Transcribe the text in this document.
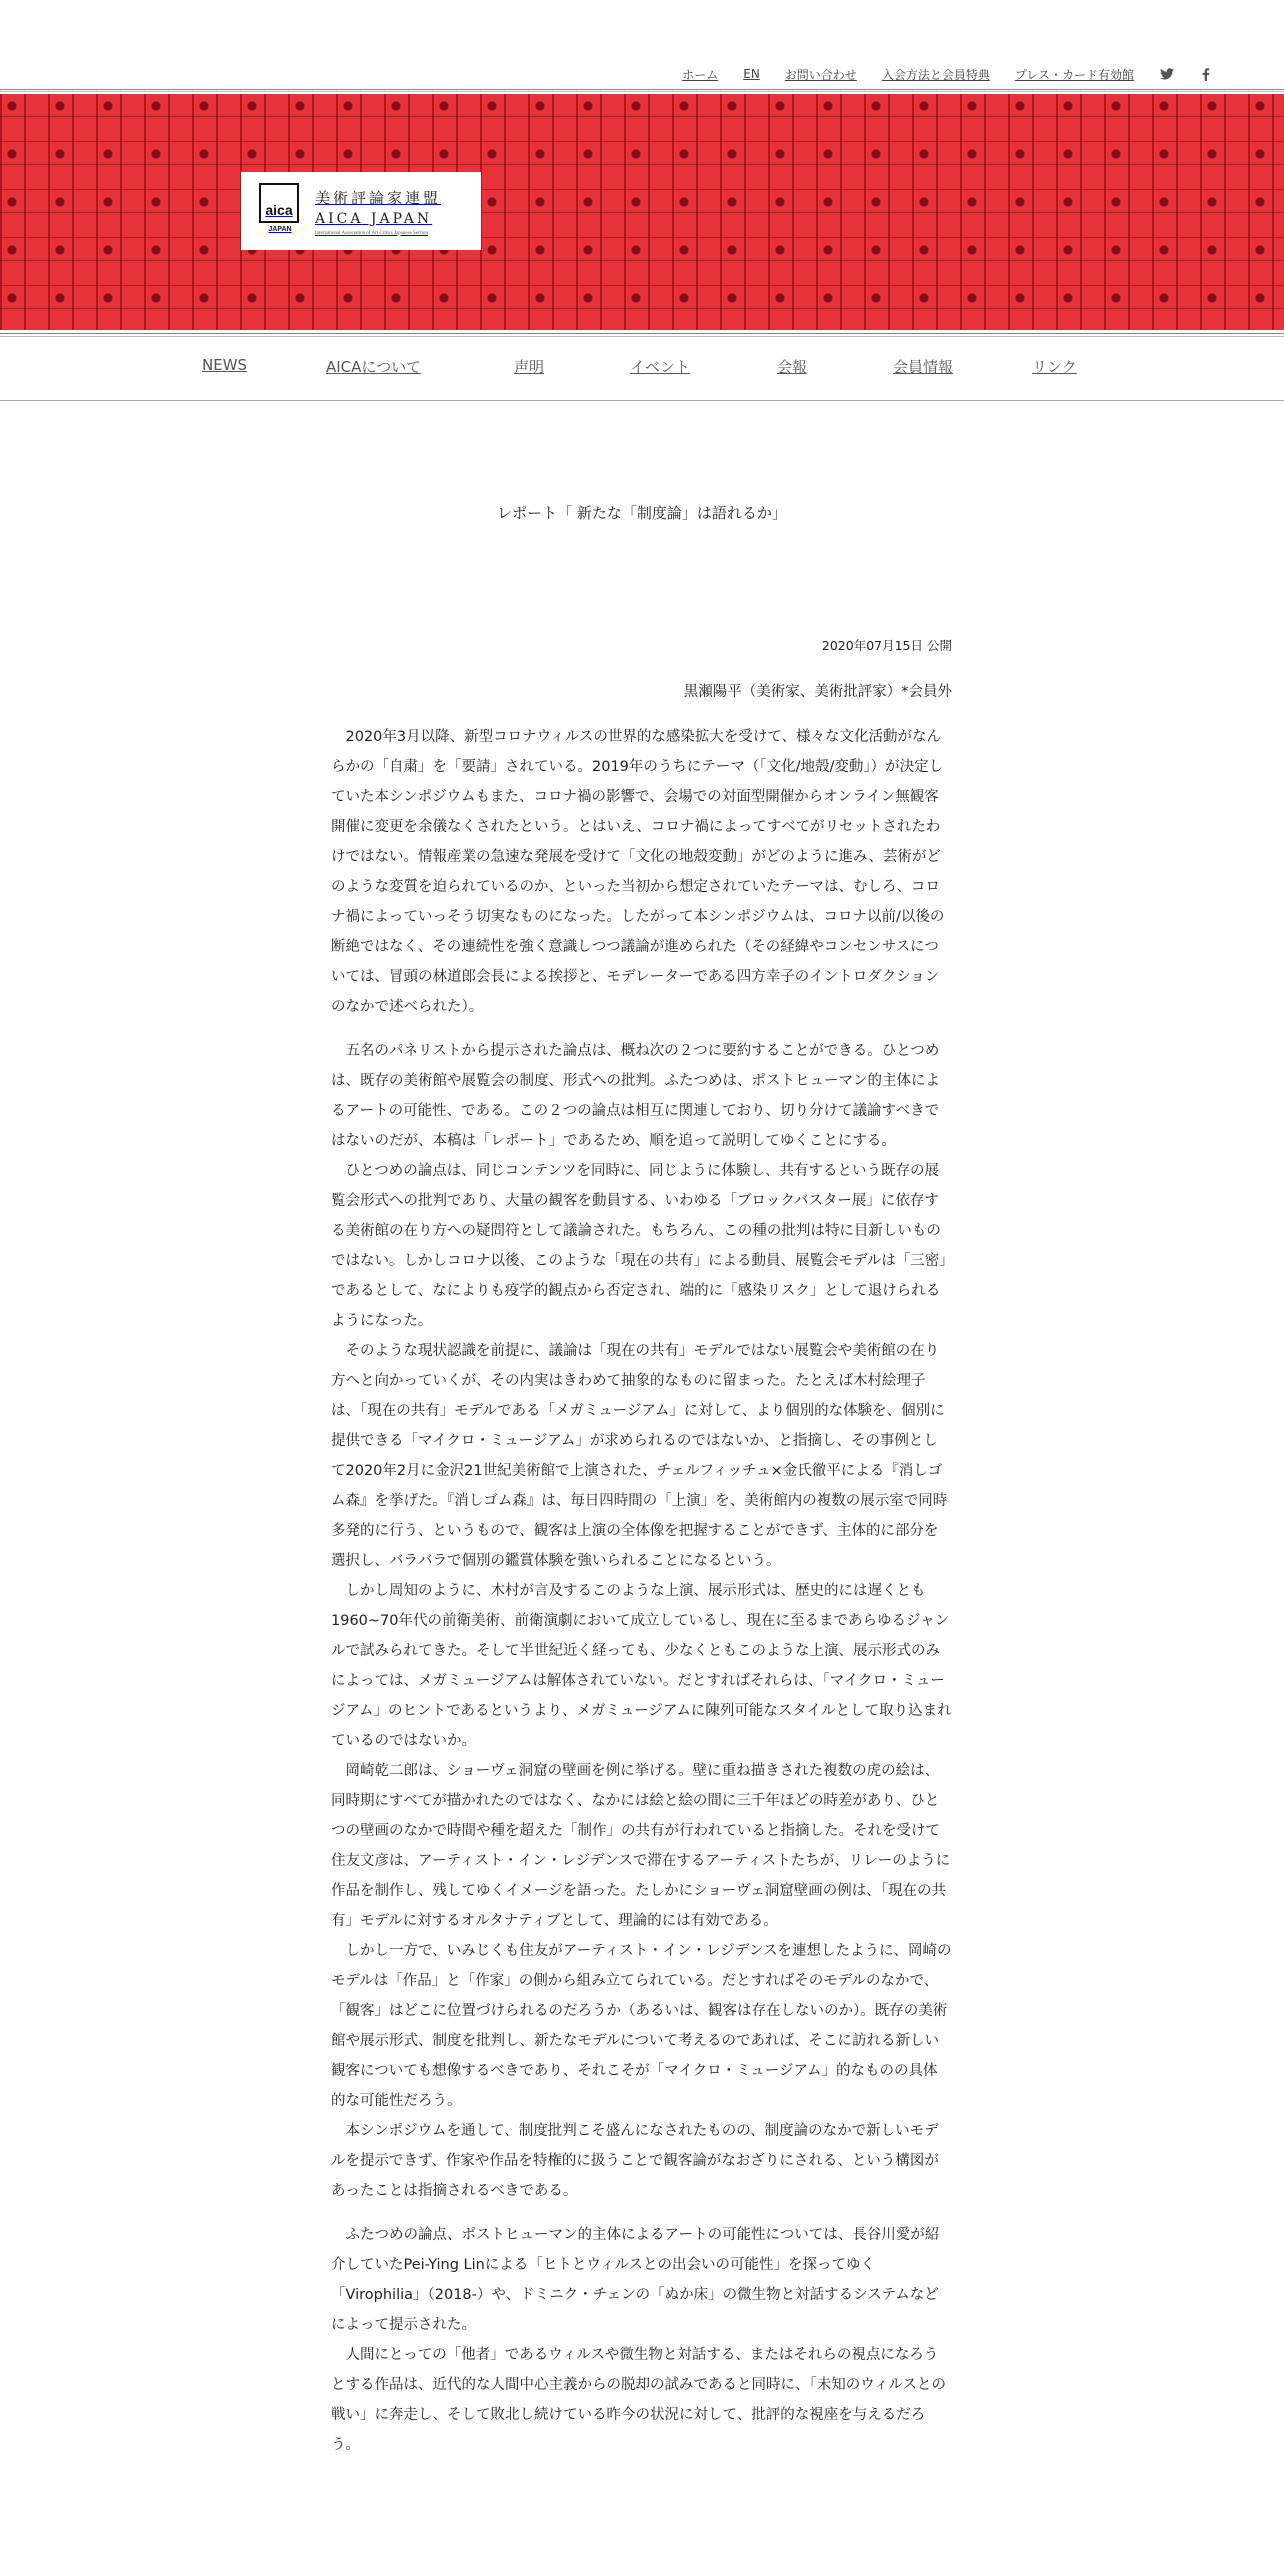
ホーム EN お問い合わせ 入会方法と会員特典 プレス・カード有効館
aica
JAPAN
美術評論家連盟
AICA JAPAN
International Association of Art Critics Japanese Section
NEWS	AICAについて	声明	イベント	会報	会員情報	リンク
レポート「 新たな「制度論」は語れるか」
2020年07月15日 公開
黒瀬陽平（美術家、美術批評家）*会員外

2020年3月以降、新型コロナウィルスの世界的な感染拡大を受けて、様々な文化活動がなんらかの「自粛」を「要請」されている。2019年のうちにテーマ（「文化/地殻/変動」）が決定していた本シンポジウムもまた、コロナ禍の影響で、会場での対面型開催からオンライン無観客開催に変更を余儀なくされたという。とはいえ、コロナ禍によってすべてがリセットされたわけではない。情報産業の急速な発展を受けて「文化の地殻変動」がどのように進み、芸術がどのような変質を迫られているのか、といった当初から想定されていたテーマは、むしろ、コロナ禍によっていっそう切実なものになった。したがって本シンポジウムは、コロナ以前/以後の断絶ではなく、その連続性を強く意識しつつ議論が進められた（その経緯やコンセンサスについては、冒頭の林道郎会長による挨拶と、モデレーターである四方幸子のイントロダクションのなかで述べられた）。

五名のパネリストから提示された論点は、概ね次の２つに要約することができる。ひとつめは、既存の美術館や展覧会の制度、形式への批判。ふたつめは、ポストヒューマン的主体によるアートの可能性、である。この２つの論点は相互に関連しており、切り分けて議論すべきではないのだが、本稿は「レポート」であるため、順を追って説明してゆくことにする。

ひとつめの論点は、同じコンテンツを同時に、同じように体験し、共有するという既存の展覧会形式への批判であり、大量の観客を動員する、いわゆる「ブロックバスター展」に依存する美術館の在り方への疑問符として議論された。もちろん、この種の批判は特に目新しいものではない。しかしコロナ以後、このような「現在の共有」による動員、展覧会モデルは「三密」であるとして、なによりも疫学的観点から否定され、端的に「感染リスク」として退けられるようになった。

そのような現状認識を前提に、議論は「現在の共有」モデルではない展覧会や美術館の在り方へと向かっていくが、その内実はきわめて抽象的なものに留まった。たとえば木村絵理子は、「現在の共有」モデルである「メガミュージアム」に対して、より個別的な体験を、個別に提供できる「マイクロ・ミュージアム」が求められるのではないか、と指摘し、その事例として2020年2月に金沢21世紀美術館で上演された、チェルフィッチュ×金氏徹平による『消しゴム森』を挙げた。『消しゴム森』は、毎日四時間の「上演」を、美術館内の複数の展示室で同時多発的に行う、というもので、観客は上演の全体像を把握することができず、主体的に部分を選択し、バラバラで個別の鑑賞体験を強いられることになるという。

しかし周知のように、木村が言及するこのような上演、展示形式は、歴史的には遅くとも1960~70年代の前衛美術、前衛演劇において成立しているし、現在に至るまであらゆるジャンルで試みられてきた。そして半世紀近く経っても、少なくともこのような上演、展示形式のみによっては、メガミュージアムは解体されていない。だとすればそれらは、「マイクロ・ミュージアム」のヒントであるというより、メガミュージアムに陳列可能なスタイルとして取り込まれているのではないか。

岡崎乾二郎は、ショーヴェ洞窟の壁画を例に挙げる。壁に重ね描きされた複数の虎の絵は、同時期にすべてが描かれたのではなく、なかには絵と絵の間に三千年ほどの時差があり、ひとつの壁画のなかで時間や種を超えた「制作」の共有が行われていると指摘した。それを受けて住友文彦は、アーティスト・イン・レジデンスで滞在するアーティストたちが、リレーのように作品を制作し、残してゆくイメージを語った。たしかにショーヴェ洞窟壁画の例は、「現在の共有」モデルに対するオルタナティブとして、理論的には有効である。

しかし一方で、いみじくも住友がアーティスト・イン・レジデンスを連想したように、岡崎のモデルは「作品」と「作家」の側から組み立てられている。だとすればそのモデルのなかで、「観客」はどこに位置づけられるのだろうか（あるいは、観客は存在しないのか）。既存の美術館や展示形式、制度を批判し、新たなモデルについて考えるのであれば、そこに訪れる新しい観客についても想像するべきであり、それこそが「マイクロ・ミュージアム」的なものの具体的な可能性だろう。

本シンポジウムを通して、制度批判こそ盛んになされたものの、制度論のなかで新しいモデルを提示できず、作家や作品を特権的に扱うことで観客論がなおざりにされる、という構図があったことは指摘されるべきである。

ふたつめの論点、ポストヒューマン的主体によるアートの可能性については、長谷川愛が紹介していたPei-Ying Linによる「ヒトとウィルスとの出会いの可能性」を探ってゆく「Virophilia」（2018-）や、ドミニク・チェンの「ぬか床」の微生物と対話するシステムなどによって提示された。

人間にとっての「他者」であるウィルスや微生物と対話する、またはそれらの視点になろうとする作品は、近代的な人間中心主義からの脱却の試みであると同時に、「未知のウィルスとの戦い」に奔走し、そして敗北し続けている昨今の状況に対して、批評的な視座を与えるだろう。
